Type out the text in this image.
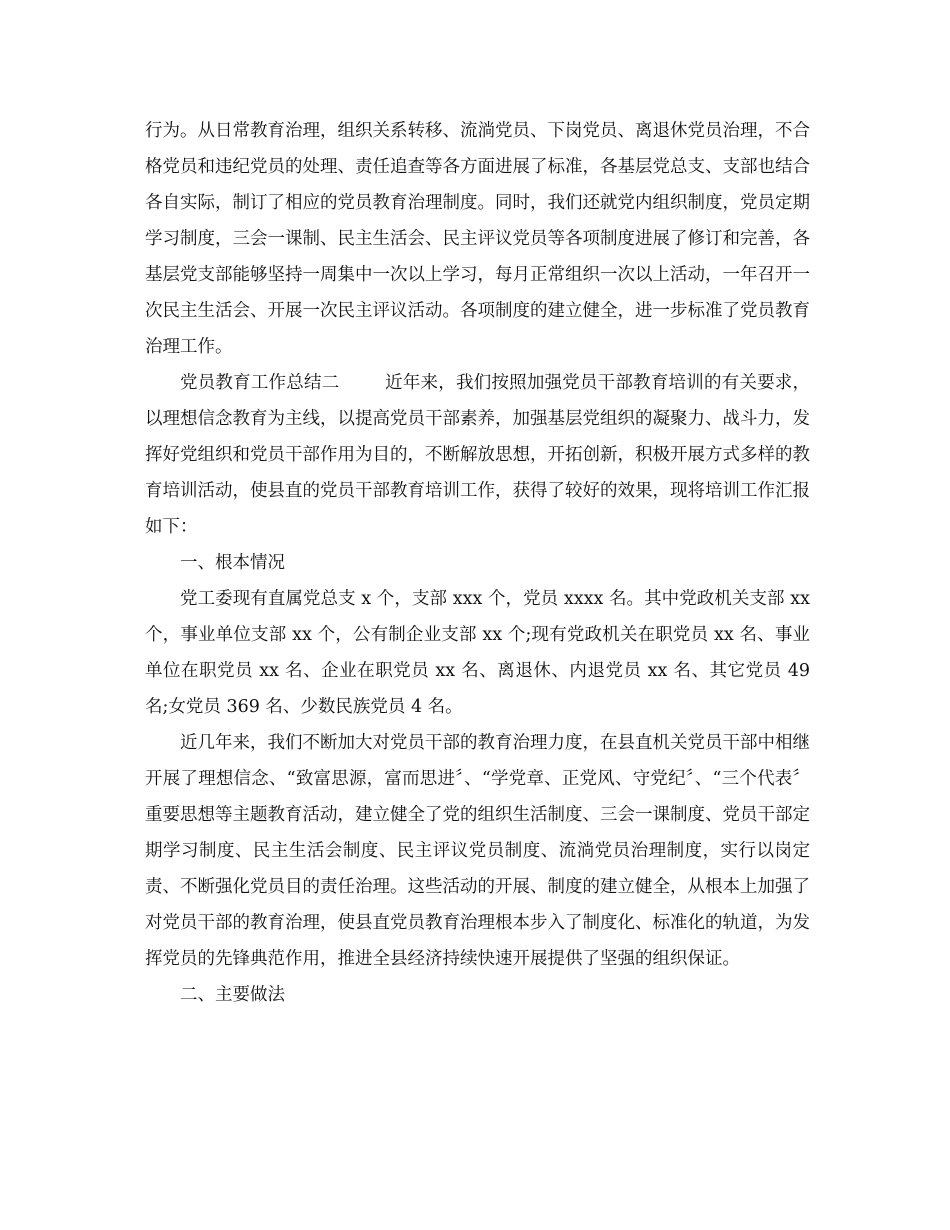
行为。从日常教育治理，组织关系转移、流淌党员、下岗党员、离退休党员治理，不合格党员和违纪党员的处理、责任追查等各方面进展了标准，各基层党总支、支部也结合各自实际，制订了相应的党员教育治理制度。同时，我们还就党内组织制度，党员定期学习制度，三会一课制、民主生活会、民主评议党员等各项制度进展了修订和完善，各基层党支部能够坚持一周集中一次以上学习，每月正常组织一次以上活动，一年召开一次民主生活会、开展一次民主评议活动。各项制度的建立健全，进一步标准了党员教育治理工作。

党员教育工作总结二	近年来，我们按照加强党员干部教育培训的有关要求，以理想信念教育为主线，以提高党员干部素养，加强基层党组织的凝聚力、战斗力，发挥好党组织和党员干部作用为目的，不断解放思想，开拓创新，积极开展方式多样的教育培训活动，使县直的党员干部教育培训工作，获得了较好的效果，现将培训工作汇报如下：

一、根本情况

党工委现有直属党总支 x 个，支部 xxx 个，党员 xxxx 名。其中党政机关支部 xx 个，事业单位支部 xx 个，公有制企业支部 xx 个;现有党政机关在职党员 xx 名、事业单位在职党员 xx 名、企业在职党员 xx 名、离退休、内退党员 xx 名、其它党员 49 名;女党员 369 名、少数民族党员 4 名。

近几年来，我们不断加大对党员干部的教育治理力度，在县直机关党员干部中相继开展了理想信念、“致富思源，富而思进〞、“学党章、正党风、守党纪〞、“三个代表〞重要思想等主题教育活动，建立健全了党的组织生活制度、三会一课制度、党员干部定期学习制度、民主生活会制度、民主评议党员制度、流淌党员治理制度，实行以岗定责、不断强化党员目的责任治理。这些活动的开展、制度的建立健全，从根本上加强了对党员干部的教育治理，使县直党员教育治理根本步入了制度化、标准化的轨道，为发挥党员的先锋典范作用，推进全县经济持续快速开展提供了坚强的组织保证。

二、主要做法
